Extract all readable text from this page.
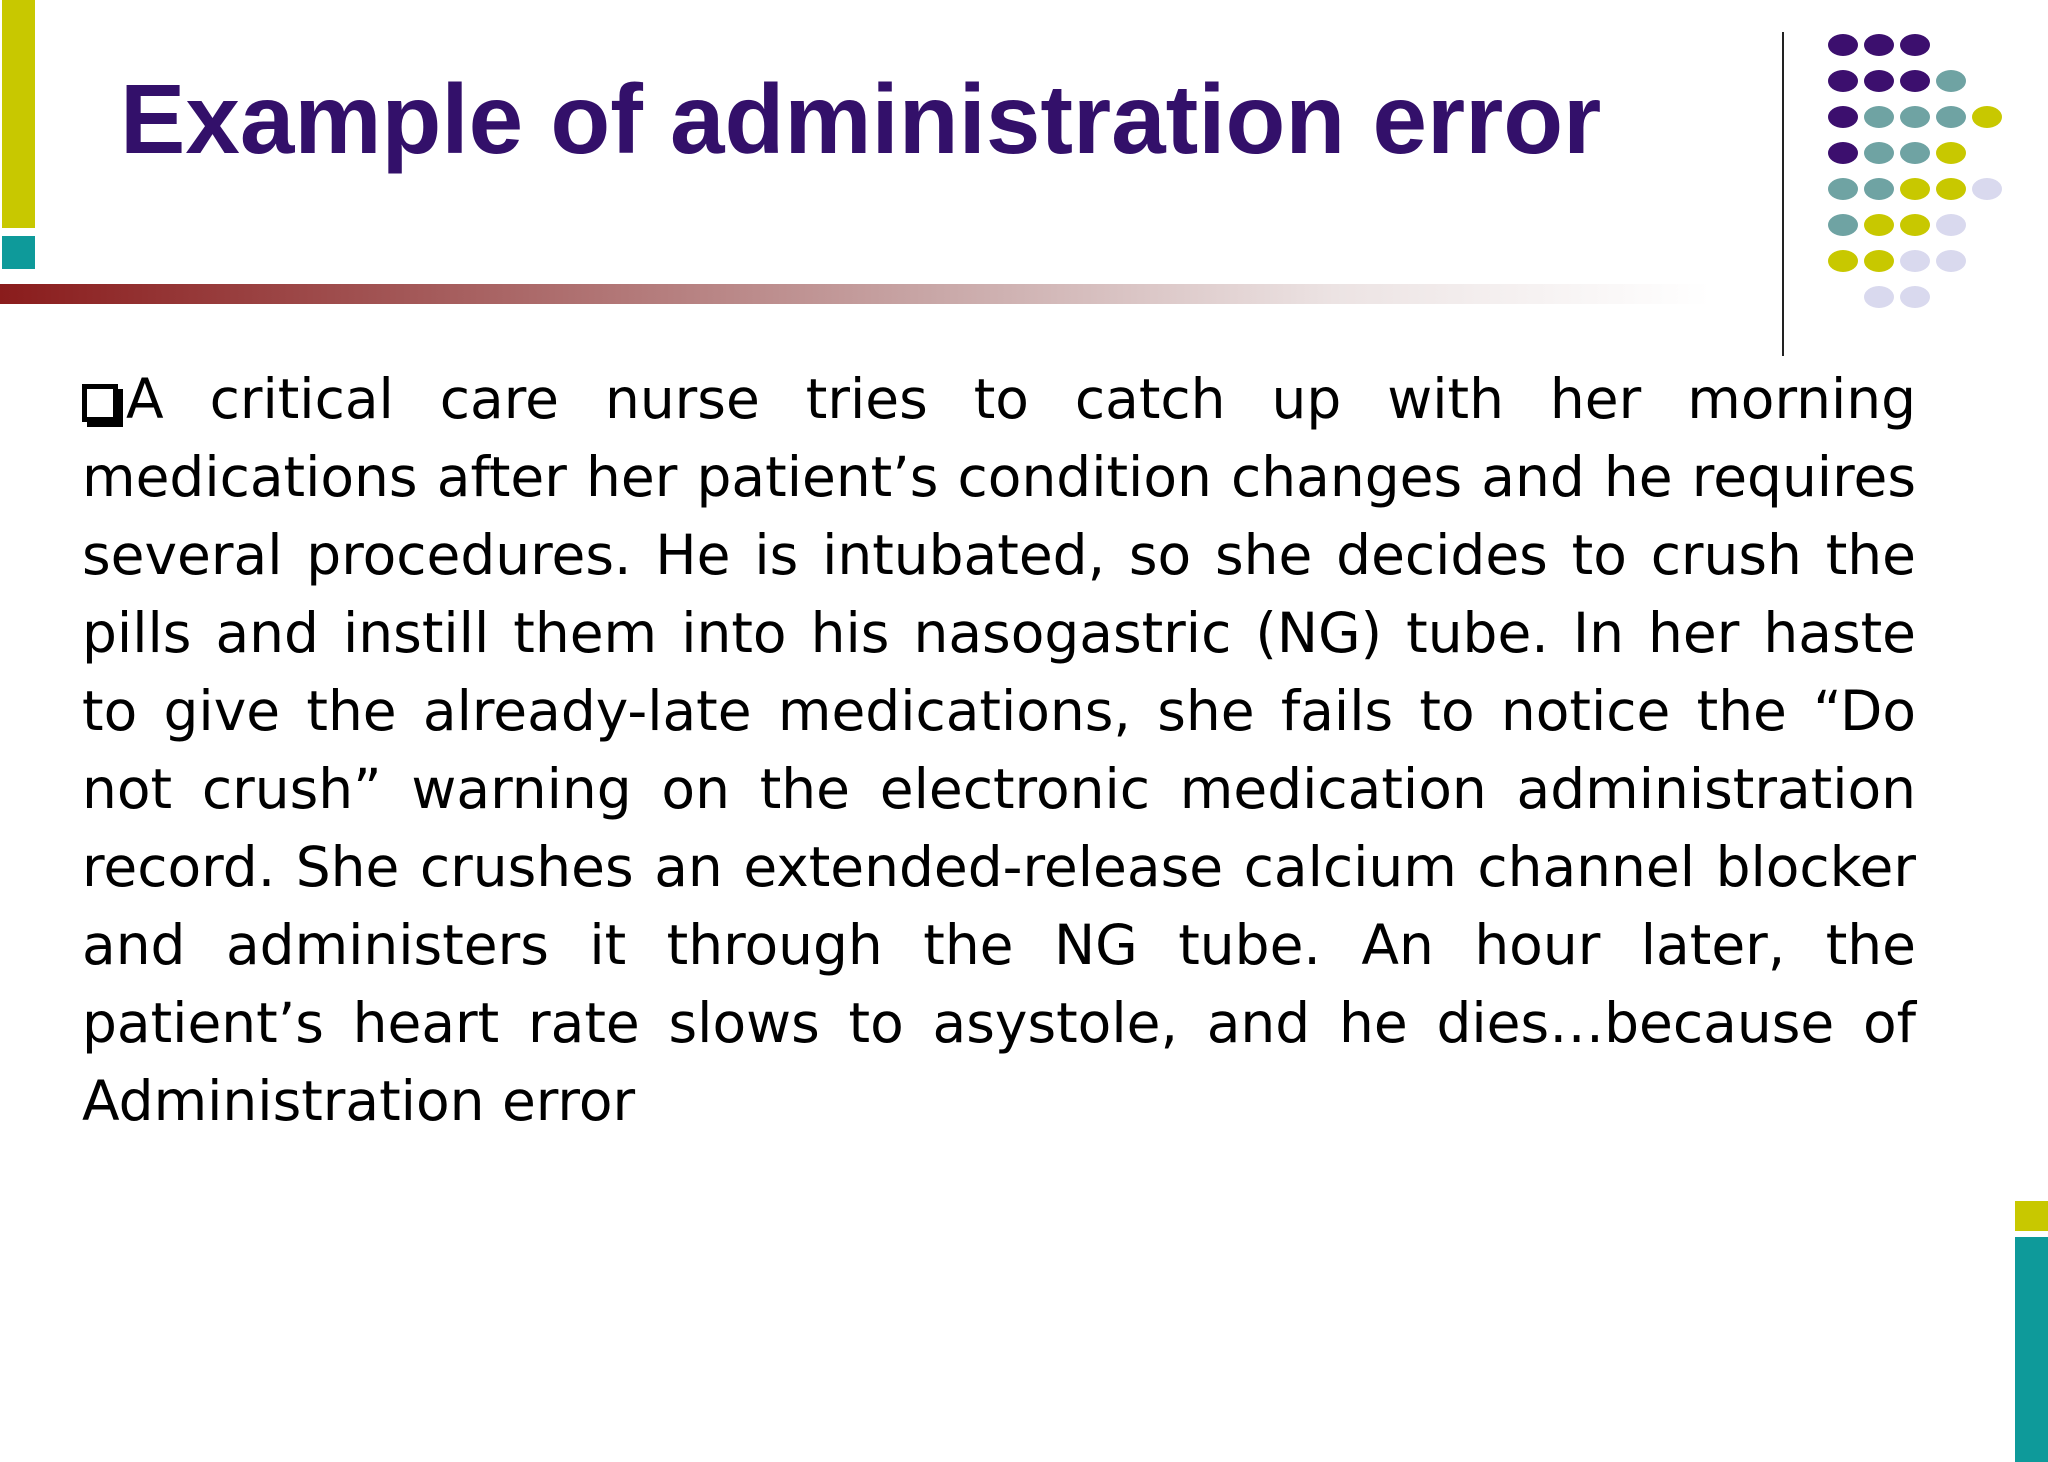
Example of administration error

A critical care nurse tries to catch up with her morning medications after her patient’s condition changes and he requires several procedures. He is intubated, so she decides to crush the pills and instill them into his nasogastric (NG) tube. In her haste to give the already-late medications, she fails to notice the “Do not crush” warning on the electronic medication administration record. She crushes an extended-release calcium channel blocker and administers it through the NG tube. An hour later, the patient’s heart rate slows to asystole, and he dies…because of Administration error
